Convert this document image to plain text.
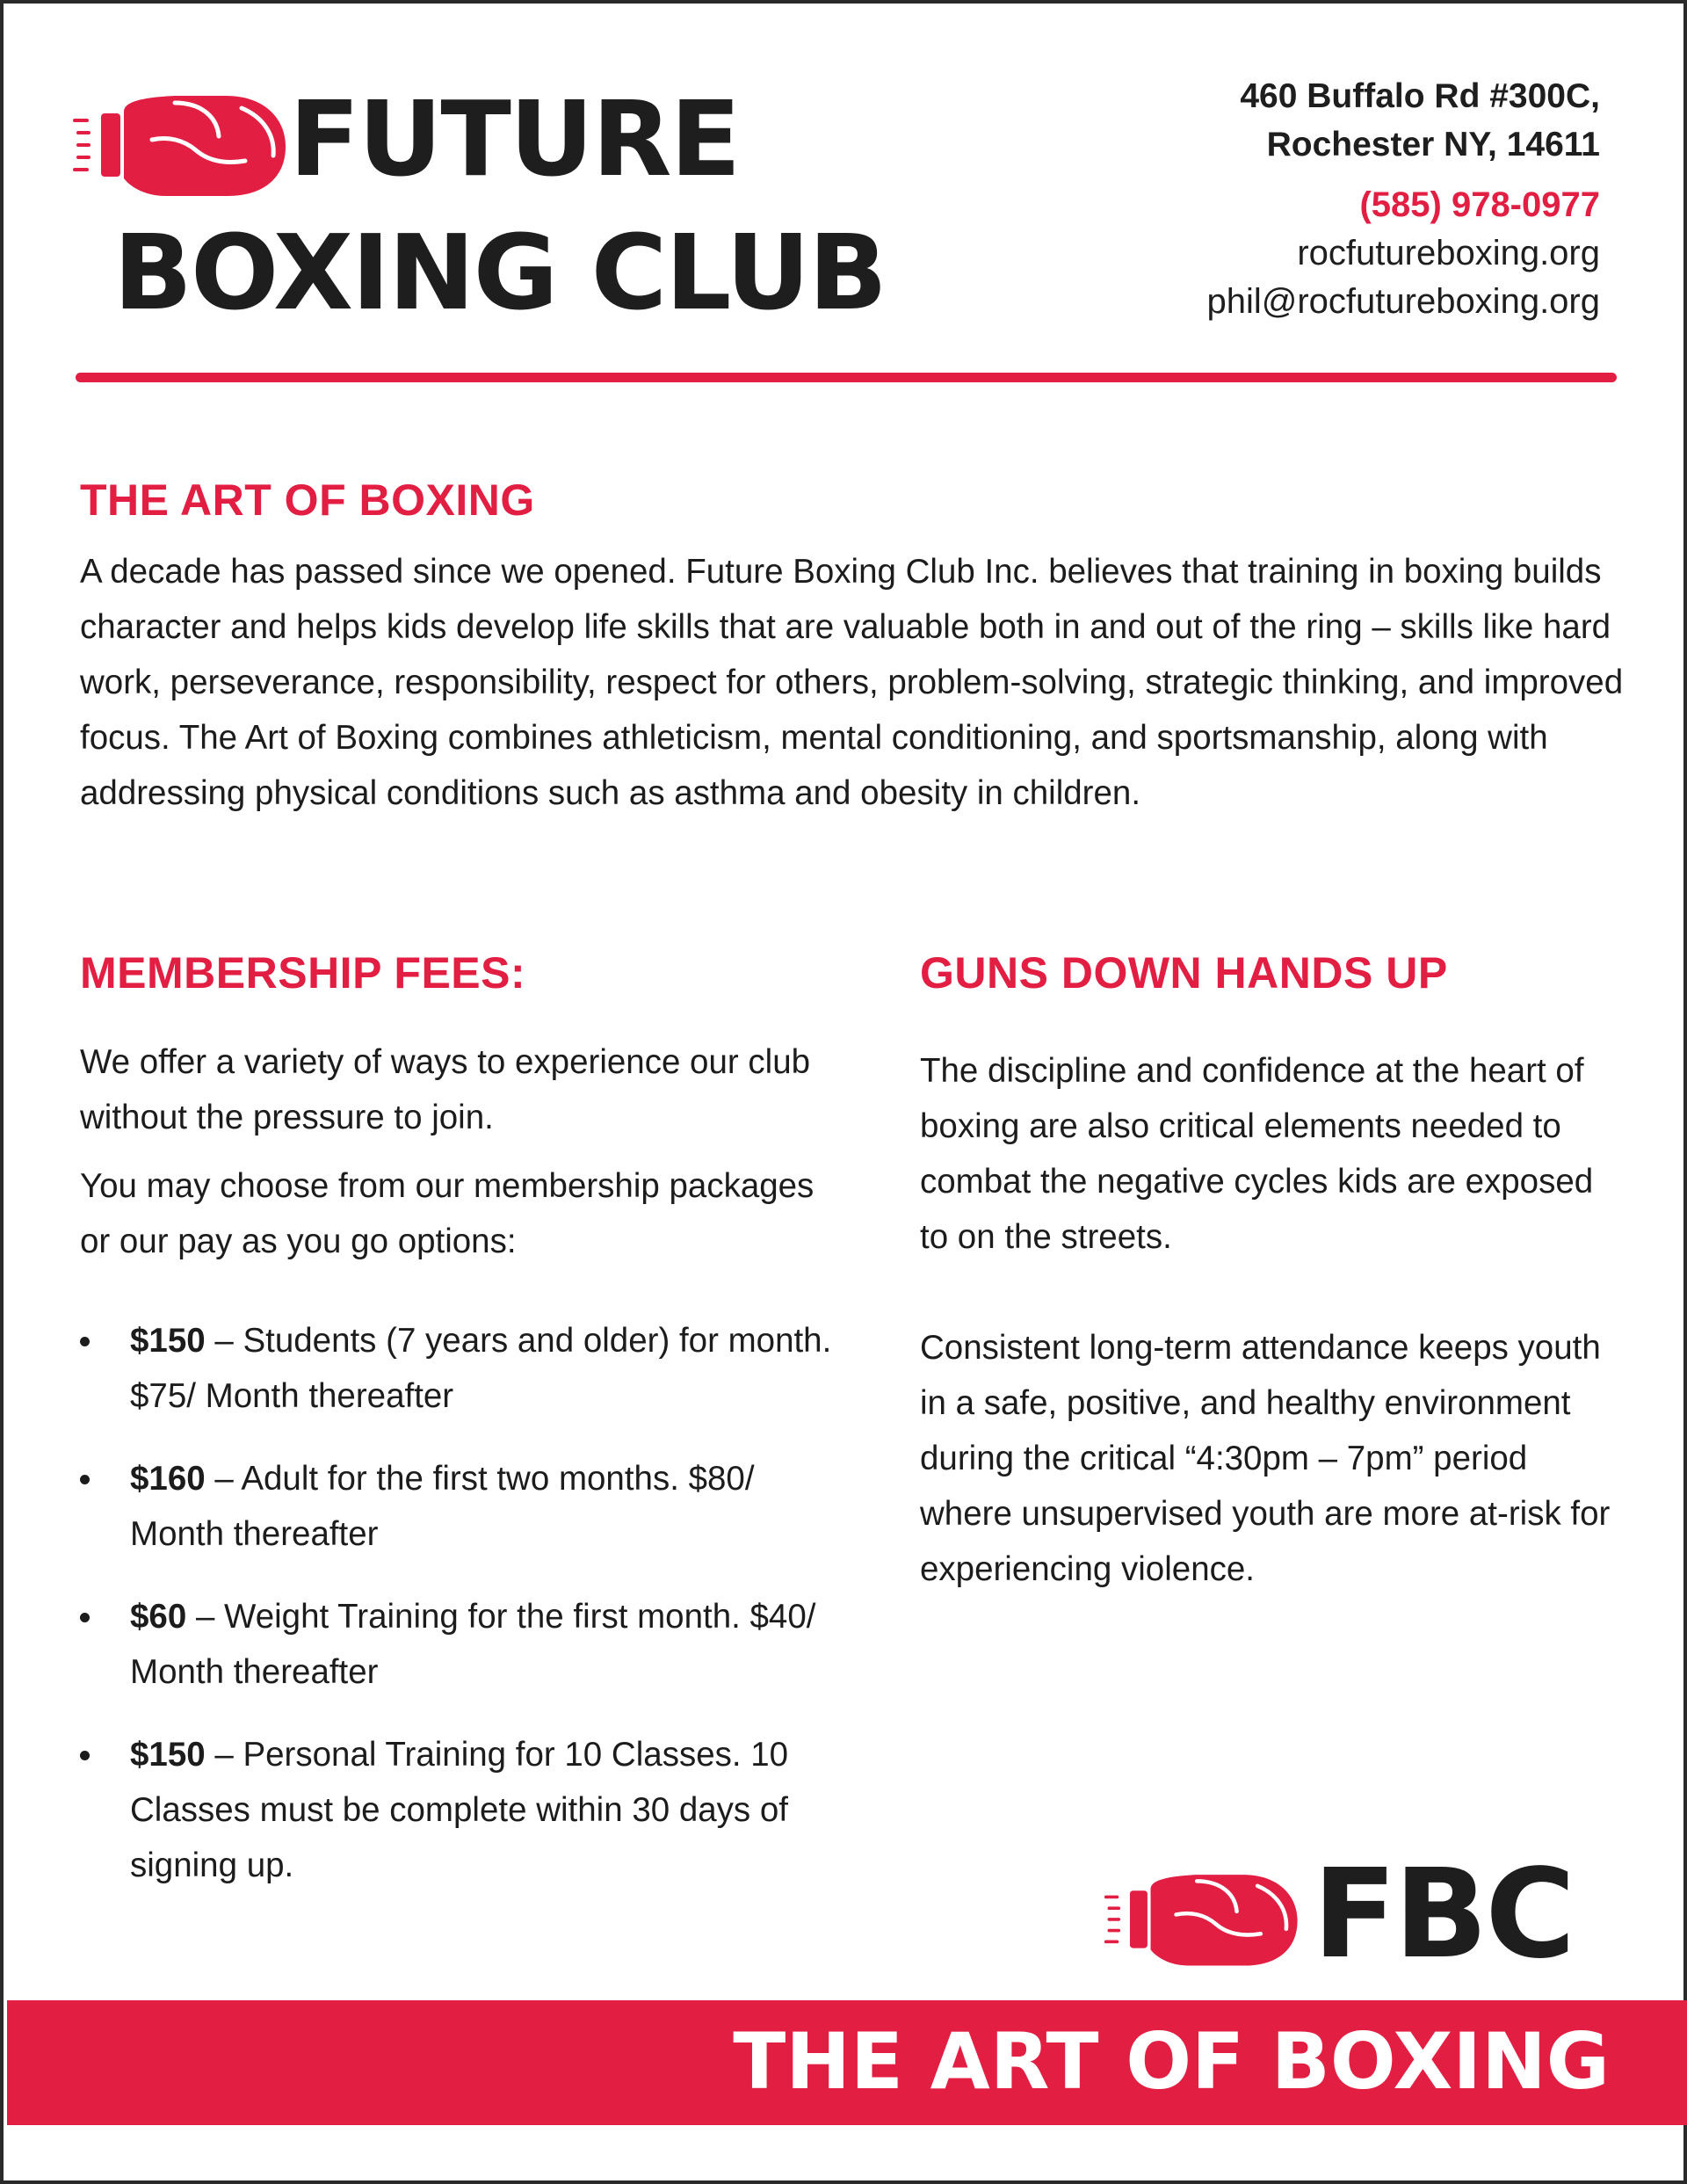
FUTURE
BOXING CLUB
460 Buffalo Rd #300C,
Rochester NY, 14611
(585) 978-0977
rocfutureboxing.org
phil@rocfutureboxing.org
THE ART OF BOXING

A decade has passed since we opened. Future Boxing Club Inc. believes that training in boxing builds character and helps kids develop life skills that are valuable both in and out of the ring – skills like hard work, perseverance, responsibility, respect for others, problem-solving, strategic thinking, and improved focus. The Art of Boxing combines athleticism, mental conditioning, and sportsmanship, along with addressing physical conditions such as asthma and obesity in children.

MEMBERSHIP FEES:

We offer a variety of ways to experience our club without the pressure to join.

You may choose from our membership packages or our pay as you go options:

$150 – Students (7 years and older) for month. $75/ Month thereafter
$160 – Adult for the first two months. $80/ Month thereafter
$60 – Weight Training for the first month. $40/ Month thereafter
$150 – Personal Training for 10 Classes. 10 Classes must be complete within 30 days of signing up.
GUNS DOWN HANDS UP

The discipline and confidence at the heart of boxing are also critical elements needed to combat the negative cycles kids are exposed to on the streets.

Consistent long-term attendance keeps youth in a safe, positive, and healthy environment during the critical “4:30pm – 7pm” period where unsupervised youth are more at-risk for experiencing violence.

FBC
THE ART OF BOXING
